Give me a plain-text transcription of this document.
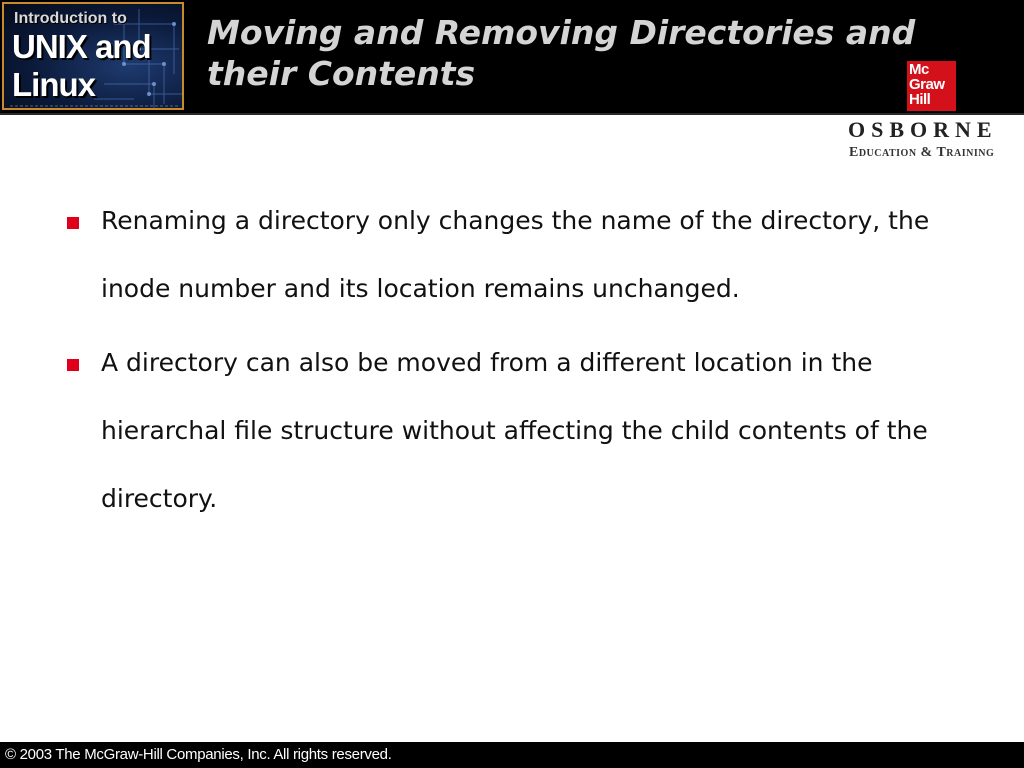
Introduction to
UNIX and
Linux
Moving and Removing Directories and their Contents	Mc
Graw
Hill
OSBORNE
Education & Training
Renaming a directory only changes the name of the directory, the inode number and its location remains unchanged.
A directory can also be moved from a different location in the hierarchal file structure without affecting the child contents of the directory.
© 2003 The McGraw-Hill Companies, Inc. All rights reserved.
